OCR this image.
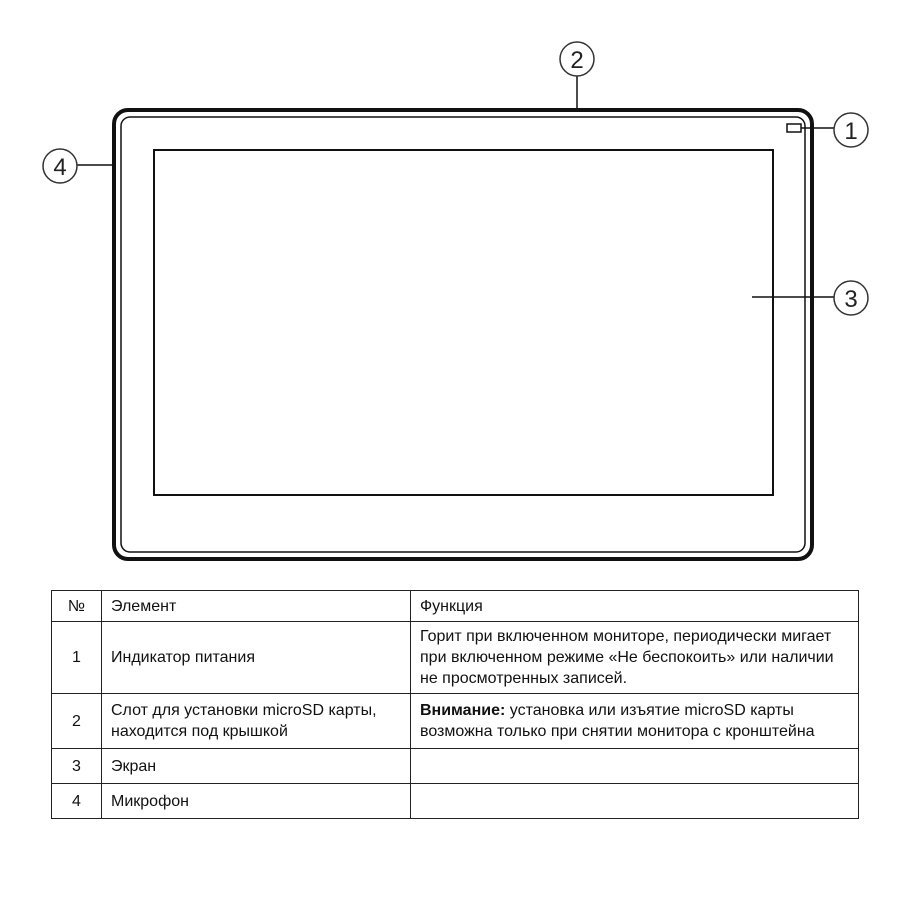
1
2
3
4
№	Элемент	Функция
1	Индикатор питания	Горит при включенном мониторе, периодически мигает при включенном режиме «Не беспокоить» или наличии не просмотренных записей.
2	Слот для установки microSD карты, находится под крышкой	Внимание: установка или изъятие microSD карты возможна только при снятии монитора с кронштейна
3	Экран	
4	Микрофон	
